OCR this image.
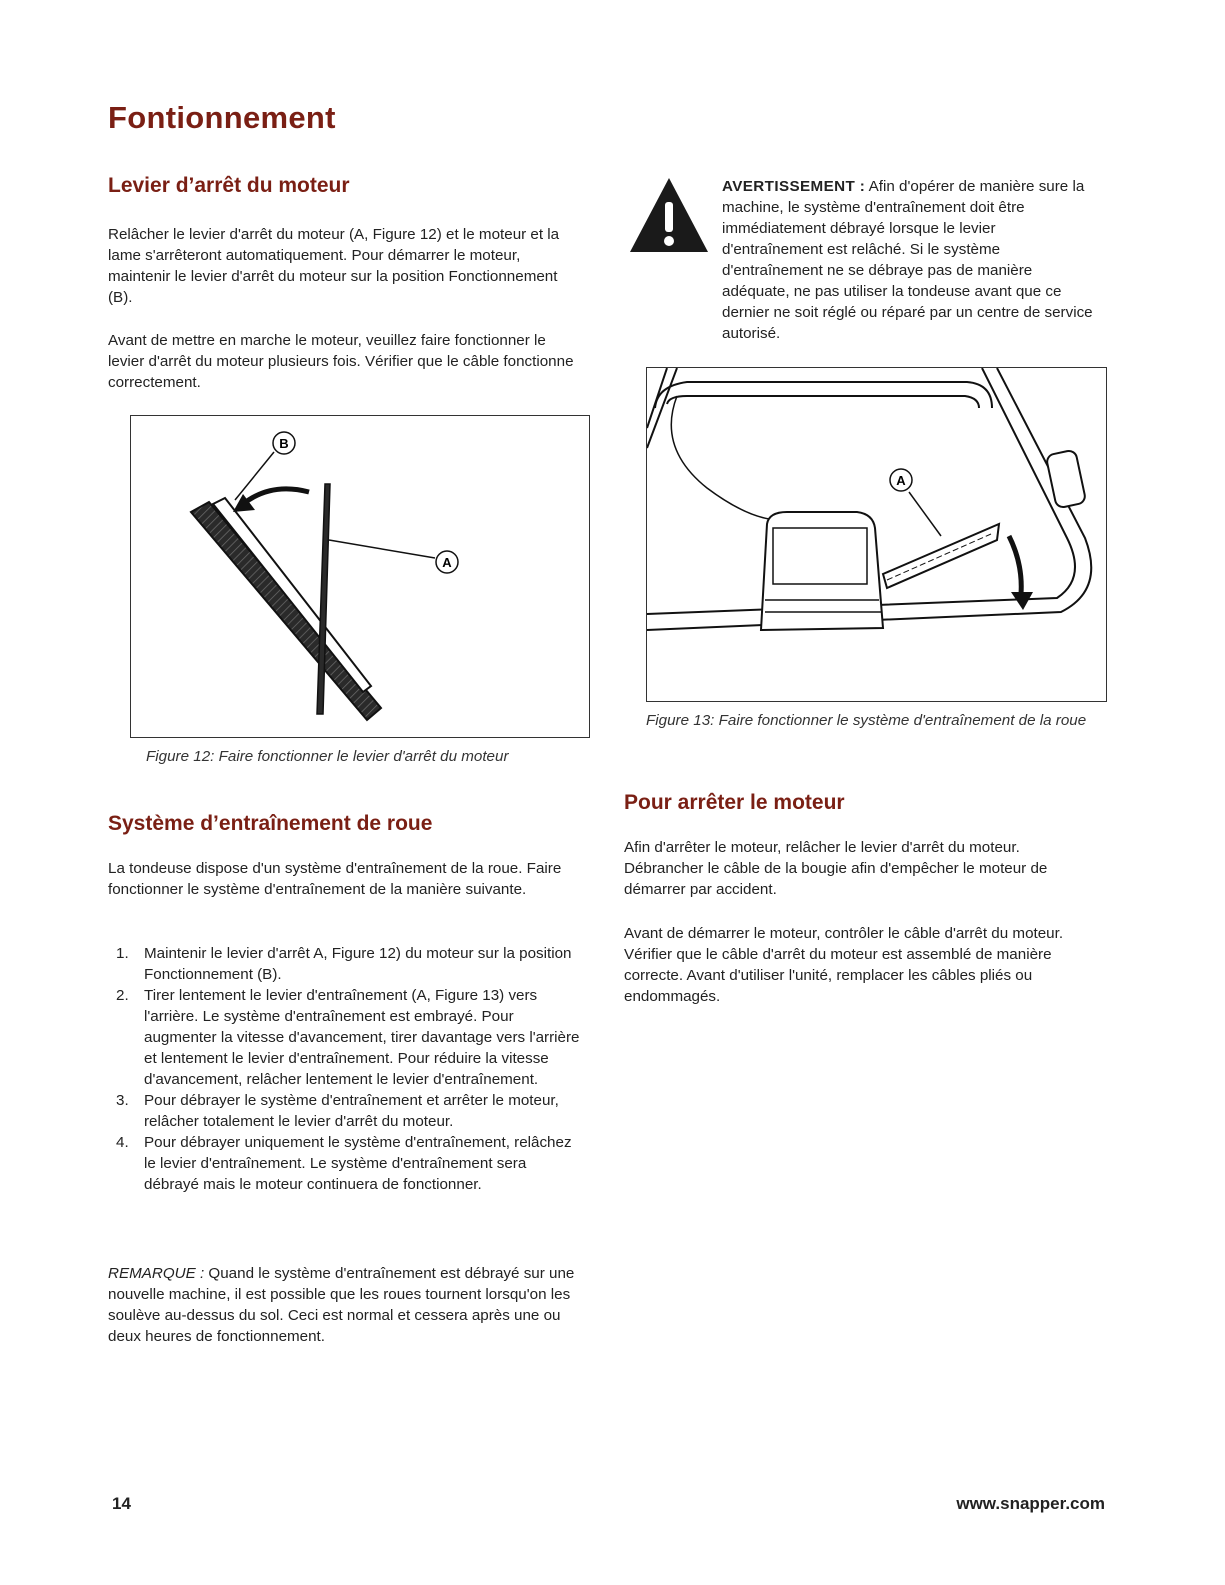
Fontionnement
Levier d’arrêt du moteur

Relâcher le levier d'arrêt du moteur (A, Figure 12) et le moteur et la lame s'arrêteront automatiquement. Pour démarrer le moteur, maintenir le levier d'arrêt du moteur sur la position Fonctionnement (B).

Avant de mettre en marche le moteur, veuillez faire fonctionner le levier d'arrêt du moteur plusieurs fois. Vérifier que le câble fonctionne correctement.

B
A
Figure 12: Faire fonctionner le levier d'arrêt du moteur
Système d’entraînement de roue

La tondeuse dispose d'un système d'entraînement de la roue. Faire fonctionner le système d'entraînement de la manière suivante.

1. Maintenir le levier d'arrêt A, Figure 12) du moteur sur la position Fonctionnement (B).
2. Tirer lentement le levier d'entraînement (A, Figure 13) vers l'arrière. Le système d'entraînement est embrayé. Pour augmenter la vitesse d'avancement, tirer davantage vers l'arrière et lentement le levier d'entraînement. Pour réduire la vitesse d'avancement, relâcher lentement le levier d'entraînement.
3. Pour débrayer le système d'entraînement et arrêter le moteur, relâcher totalement le levier d'arrêt du moteur.
4. Pour débrayer uniquement le système d'entraînement, relâchez le levier d'entraînement. Le système d'entraînement sera débrayé mais le moteur continuera de fonctionner.

REMARQUE : Quand le système d'entraînement est débrayé sur une nouvelle machine, il est possible que les roues tournent lorsqu'on les soulève au-dessus du sol. Ceci est normal et cessera après une ou deux heures de fonctionnement.

AVERTISSEMENT : Afin d'opérer de manière sure la machine, le système d'entraînement doit être immédiatement débrayé lorsque le levier d'entraînement est relâché. Si le système d'entraînement ne se débraye pas de manière adéquate, ne pas utiliser la tondeuse avant que ce dernier ne soit réglé ou réparé par un centre de service autorisé.

A
Figure 13: Faire fonctionner le système d'entraînement de la roue
Pour arrêter le moteur

Afin d'arrêter le moteur, relâcher le levier d'arrêt du moteur. Débrancher le câble de la bougie afin d'empêcher le moteur de démarrer par accident.

Avant de démarrer le moteur, contrôler le câble d'arrêt du moteur. Vérifier que le câble d'arrêt du moteur est assemblé de manière correcte. Avant d'utiliser l'unité, remplacer les câbles pliés ou endommagés.

14	www.snapper.com
